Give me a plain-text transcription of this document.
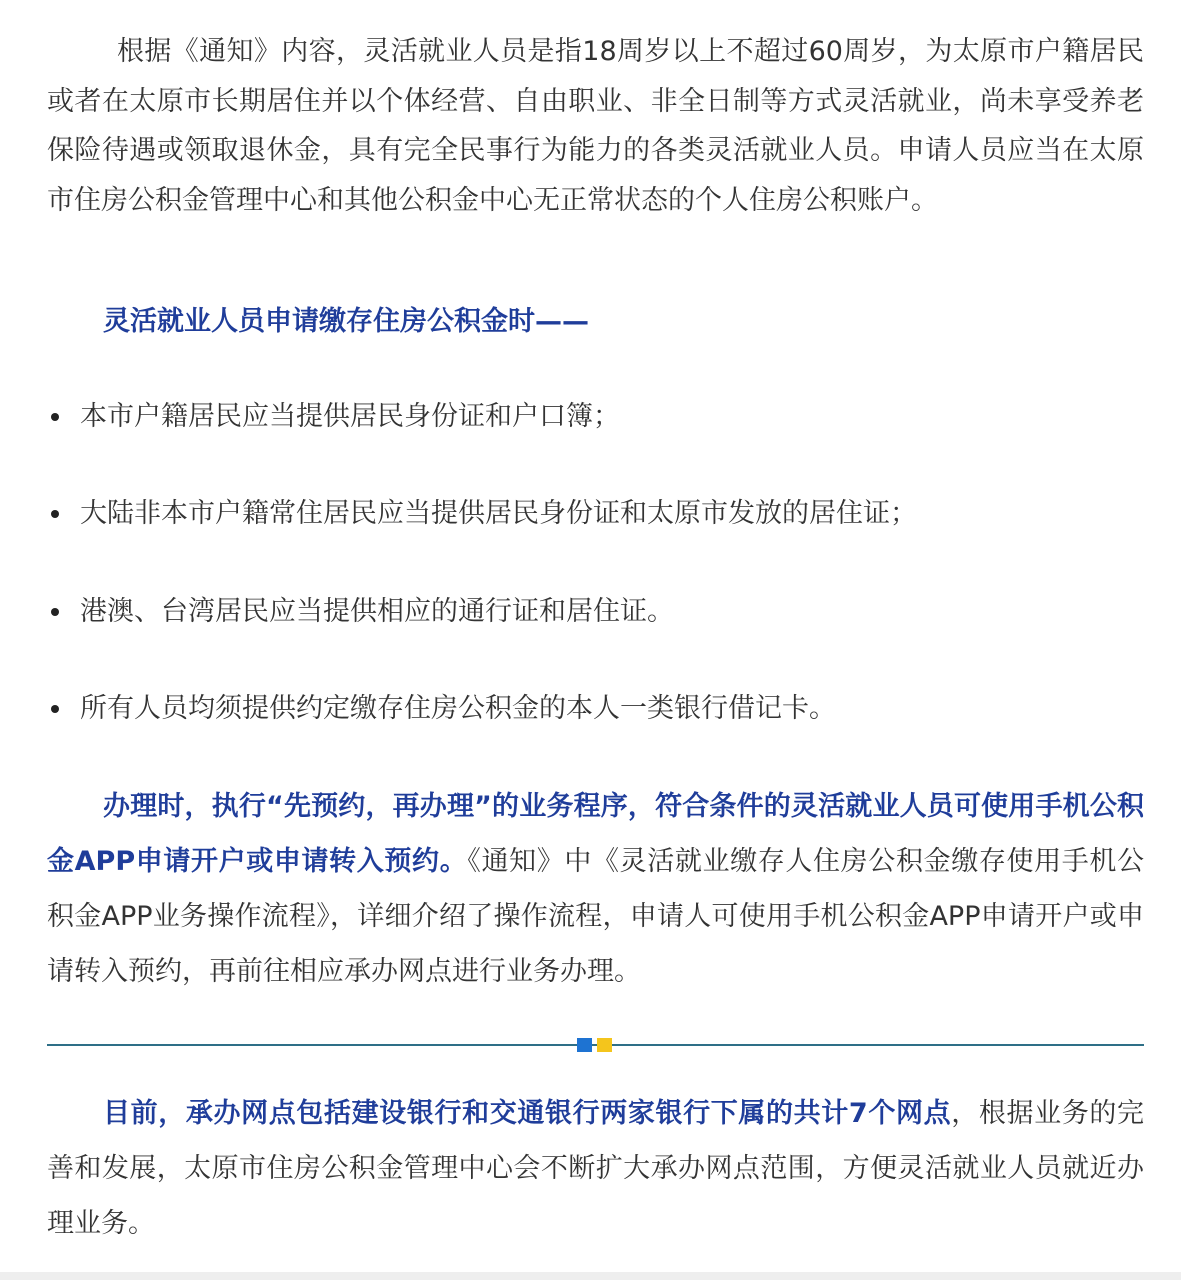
根据《通知》内容，灵活就业人员是指18周岁以上不超过60周岁，为太原市户籍居民或者在太原市长期居住并以个体经营、自由职业、非全日制等方式灵活就业，尚未享受养老保险待遇或领取退休金，具有完全民事行为能力的各类灵活就业人员。申请人员应当在太原市住房公积金管理中心和其他公积金中心无正常状态的个人住房公积账户。

灵活就业人员申请缴存住房公积金时——

本市户籍居民应当提供居民身份证和户口簿；
大陆非本市户籍常住居民应当提供居民身份证和太原市发放的居住证；
港澳、台湾居民应当提供相应的通行证和居住证。
所有人员均须提供约定缴存住房公积金的本人一类银行借记卡。

办理时，执行“先预约，再办理”的业务程序，符合条件的灵活就业人员可使用手机公积金APP申请开户或申请转入预约。《通知》中《灵活就业缴存人住房公积金缴存使用手机公积金APP业务操作流程》，详细介绍了操作流程，申请人可使用手机公积金APP申请开户或申请转入预约，再前往相应承办网点进行业务办理。

目前，承办网点包括建设银行和交通银行两家银行下属的共计7个网点，根据业务的完善和发展，太原市住房公积金管理中心会不断扩大承办网点范围，方便灵活就业人员就近办理业务。
